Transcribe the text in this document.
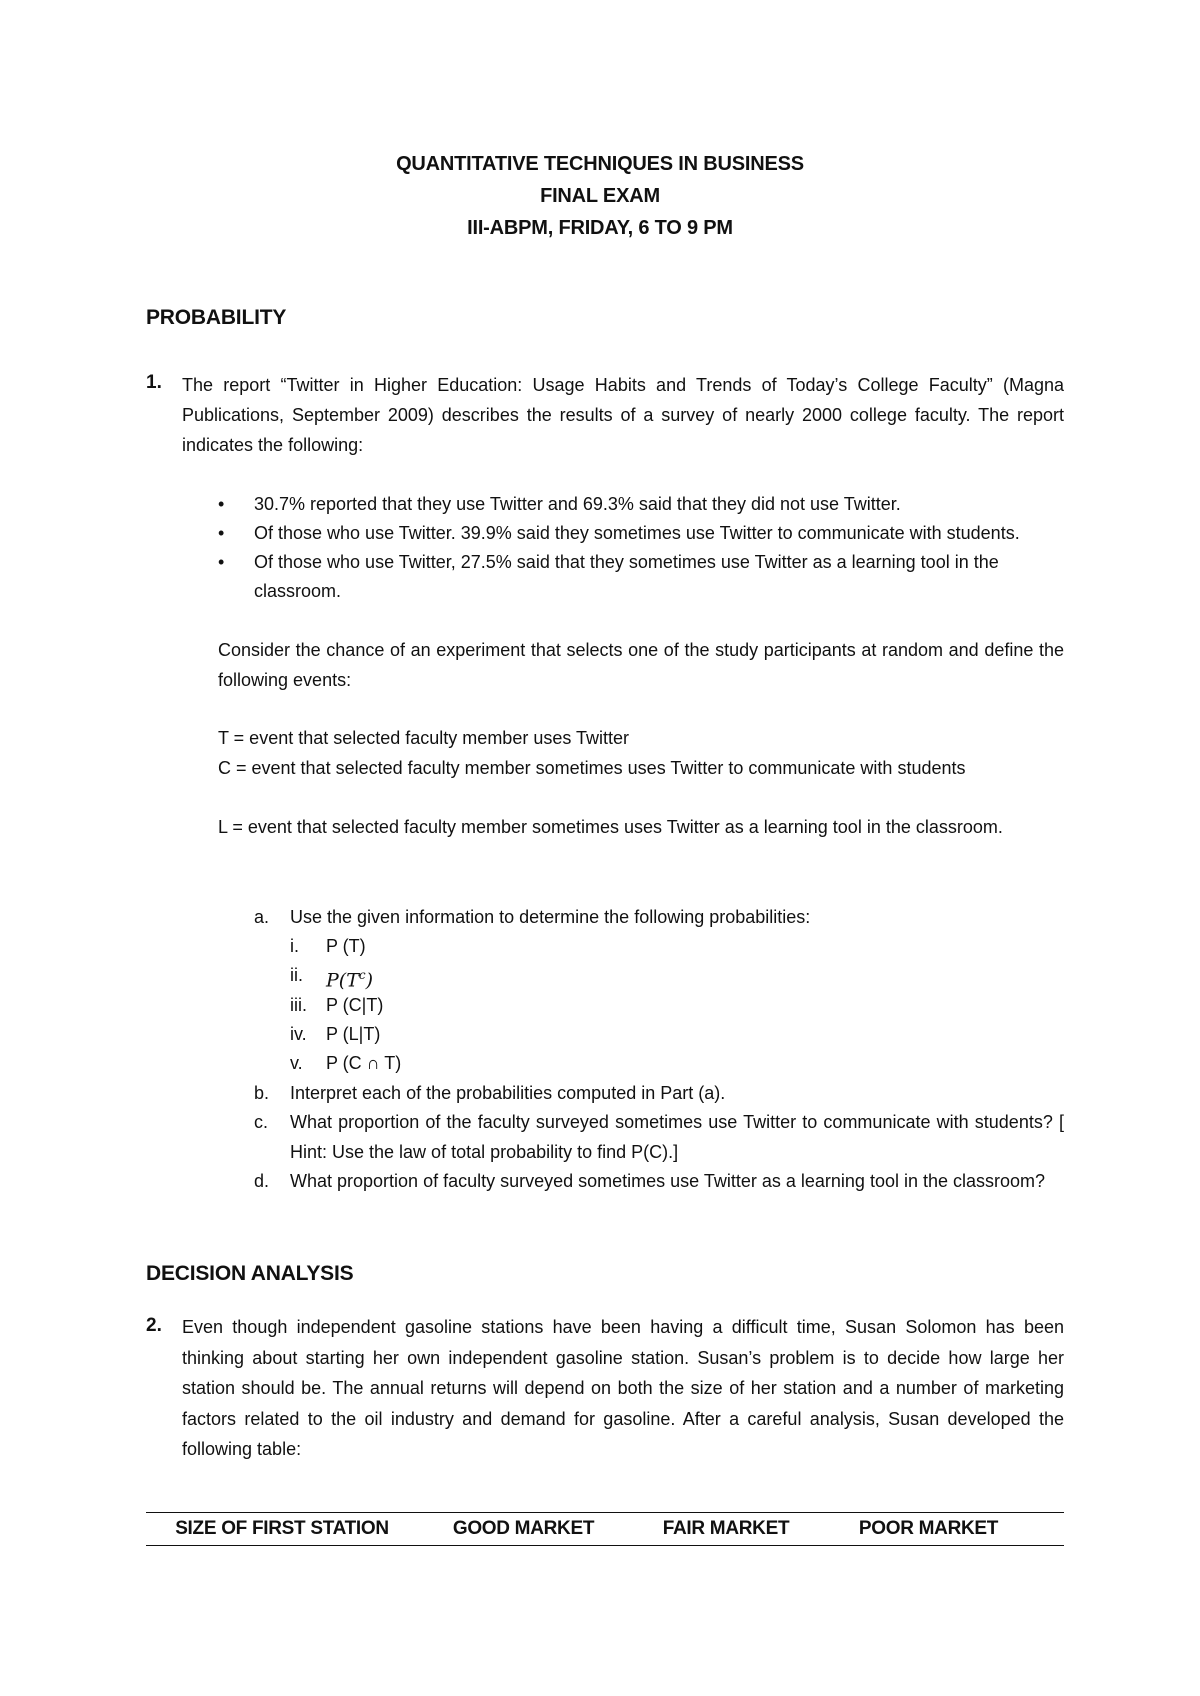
QUANTITATIVE TECHNIQUES IN BUSINESS
FINAL EXAM
III-ABPM, FRIDAY, 6 TO 9 PM
PROBABILITY
1. The report “Twitter in Higher Education: Usage Habits and Trends of Today’s College Faculty” (Magna Publications, September 2009) describes the results of a survey of nearly 2000 college faculty. The report indicates the following:
• 30.7% reported that they use Twitter and 69.3% said that they did not use Twitter.
• Of those who use Twitter. 39.9% said they sometimes use Twitter to communicate with students.
• Of those who use Twitter, 27.5% said that they sometimes use Twitter as a learning tool in the classroom.
Consider the chance of an experiment that selects one of the study participants at random and define the following events:
T = event that selected faculty member uses Twitter
C = event that selected faculty member sometimes uses Twitter to communicate with students
L = event that selected faculty member sometimes uses Twitter as a learning tool in the classroom.
a.	Use the given information to determine the following probabilities:
i.	P (T)
ii.	$P(T^c)$
iii.	P (C|T)
iv.	P (L|T)
v.	P (C ∩ T)
b.	Interpret each of the probabilities computed in Part (a).
c.	What proportion of the faculty surveyed sometimes use Twitter to communicate with students? [ Hint: Use the law of total probability to find P(C).]
d.	What proportion of faculty surveyed sometimes use Twitter as a learning tool in the classroom?
DECISION ANALYSIS
2. Even though independent gasoline stations have been having a difficult time, Susan Solomon has been thinking about starting her own independent gasoline station. Susan’s problem is to decide how large her station should be. The annual returns will depend on both the size of her station and a number of marketing factors related to the oil industry and demand for gasoline. After a careful analysis, Susan developed the following table:
SIZE OF FIRST STATION	GOOD MARKET	FAIR MARKET	POOR MARKET
